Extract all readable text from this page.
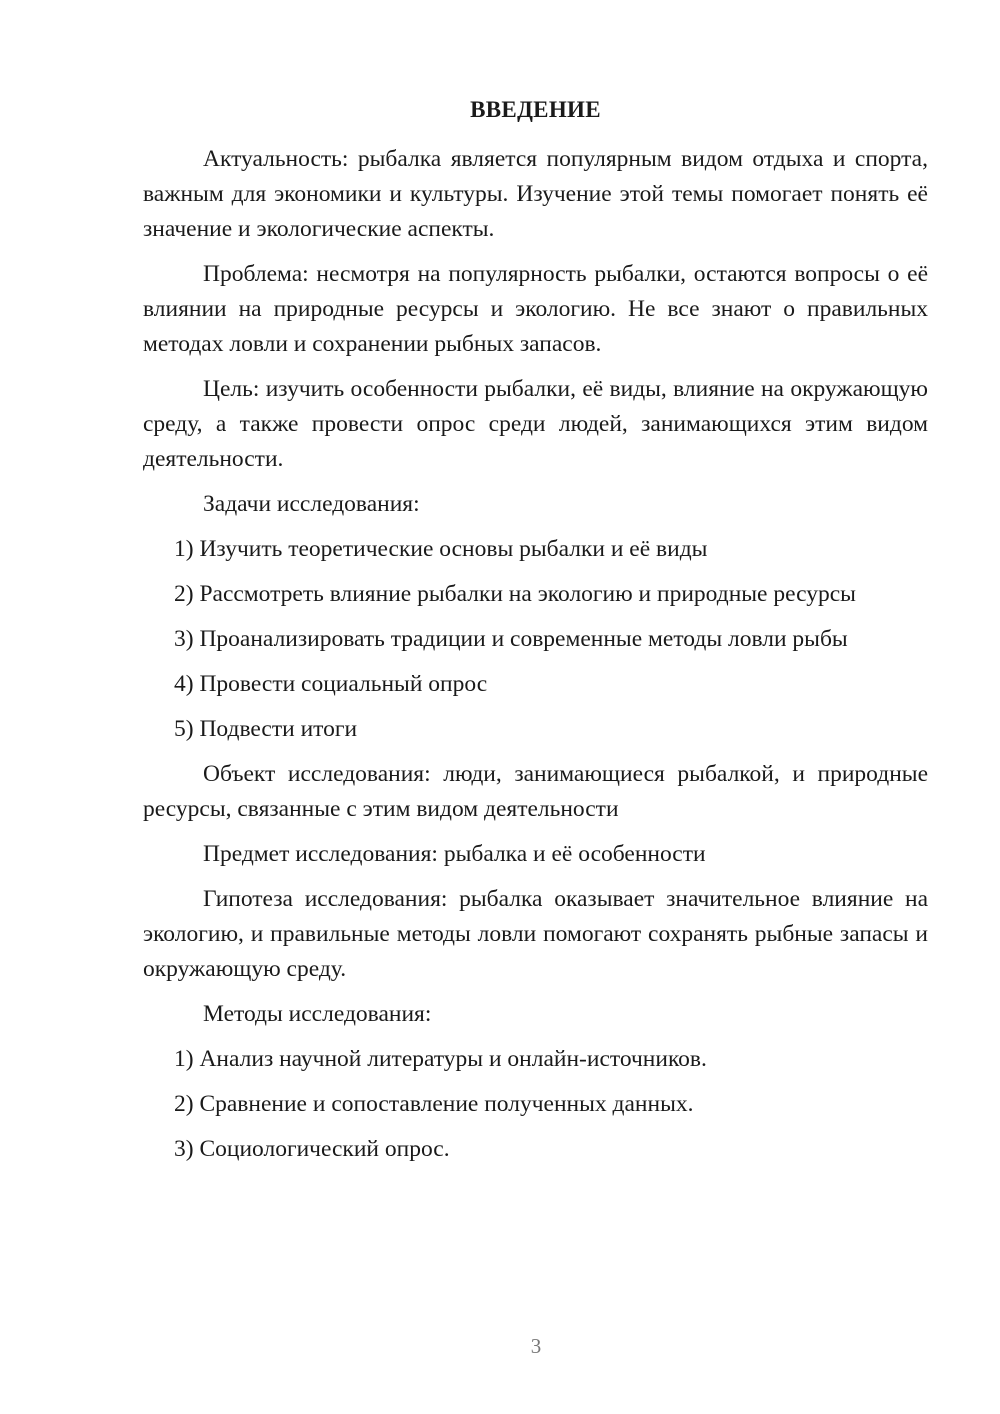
ВВЕДЕНИЕ

Актуальность: рыбалка является популярным видом отдыха и спорта, важным для экономики и культуры. Изучение этой темы помогает понять её значение и экологические аспекты.

Проблема: несмотря на популярность рыбалки, остаются вопросы о её влиянии на природные ресурсы и экологию. Не все знают о правильных методах ловли и сохранении рыбных запасов.

Цель: изучить особенности рыбалки, её виды, влияние на окружающую среду, а также провести опрос среди людей, занимающихся этим видом деятельности.

Задачи исследования:

1) Изучить теоретические основы рыбалки и её виды
2) Рассмотреть влияние рыбалки на экологию и природные ресурсы
3) Проанализировать традиции и современные методы ловли рыбы
4) Провести социальный опрос
5) Подвести итоги

Объект исследования: люди, занимающиеся рыбалкой, и природные ресурсы, связанные с этим видом деятельности

Предмет исследования: рыбалка и её особенности

Гипотеза исследования: рыбалка оказывает значительное влияние на экологию, и правильные методы ловли помогают сохранять рыбные запасы и окружающую среду.

Методы исследования:

1) Анализ научной литературы и онлайн-источников.
2) Сравнение и сопоставление полученных данных.
3) Социологический опрос.
3
